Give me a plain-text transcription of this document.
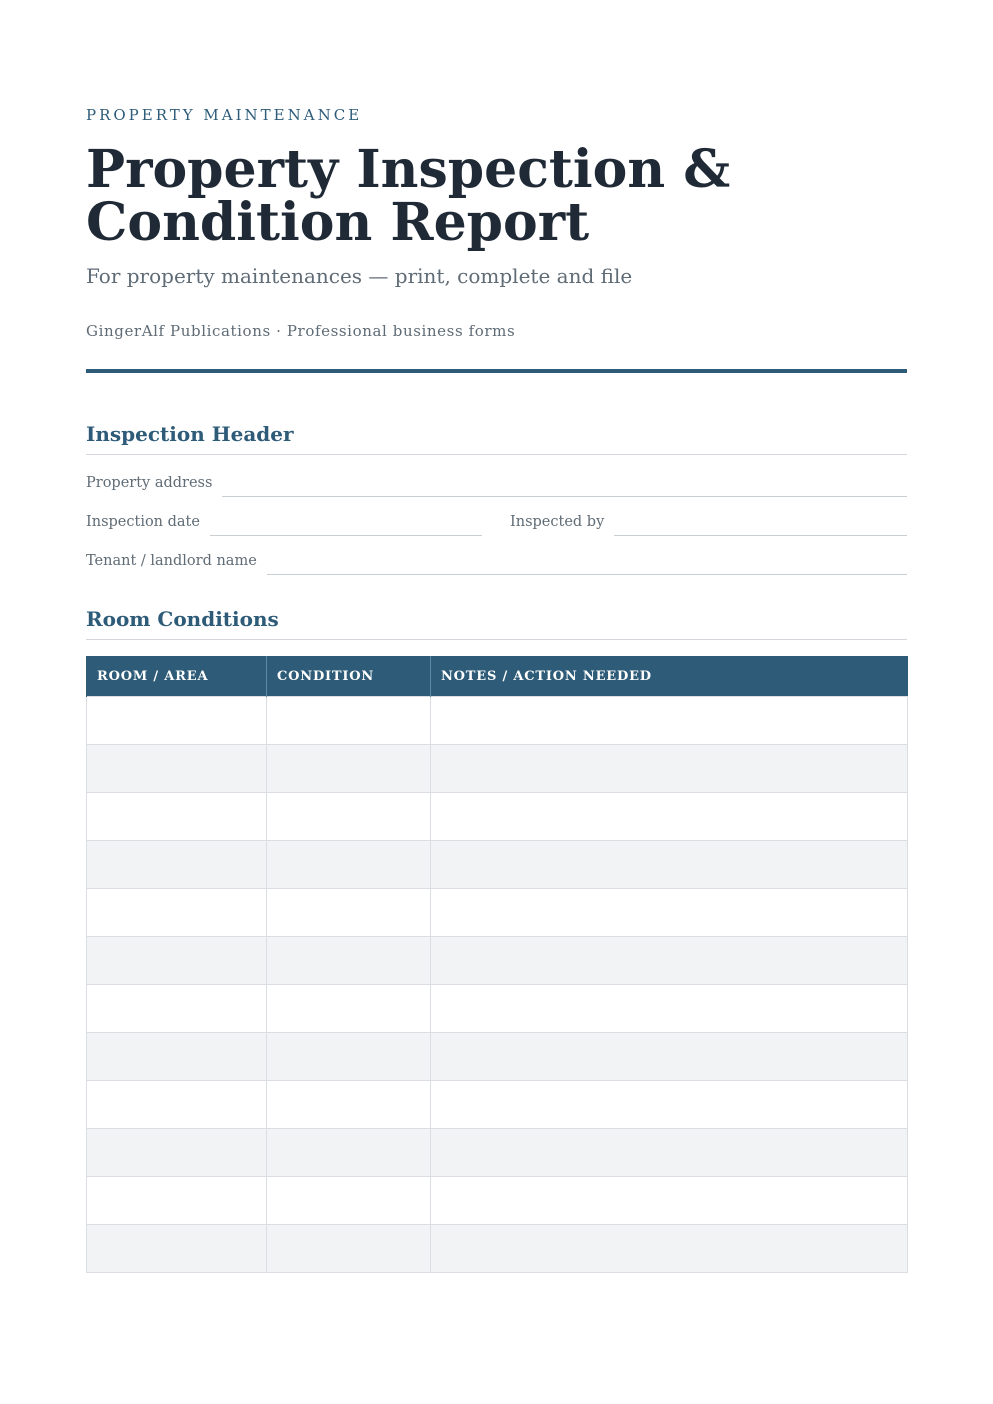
PROPERTY MAINTENANCE
Property Inspection &
Condition Report
For property maintenances — print, complete and file
GingerAlf Publications · Professional business forms
Inspection Header
Property address
Inspection date	Inspected by
Tenant / landlord name
Room Conditions
ROOM / AREA	CONDITION	NOTES / ACTION NEEDED
